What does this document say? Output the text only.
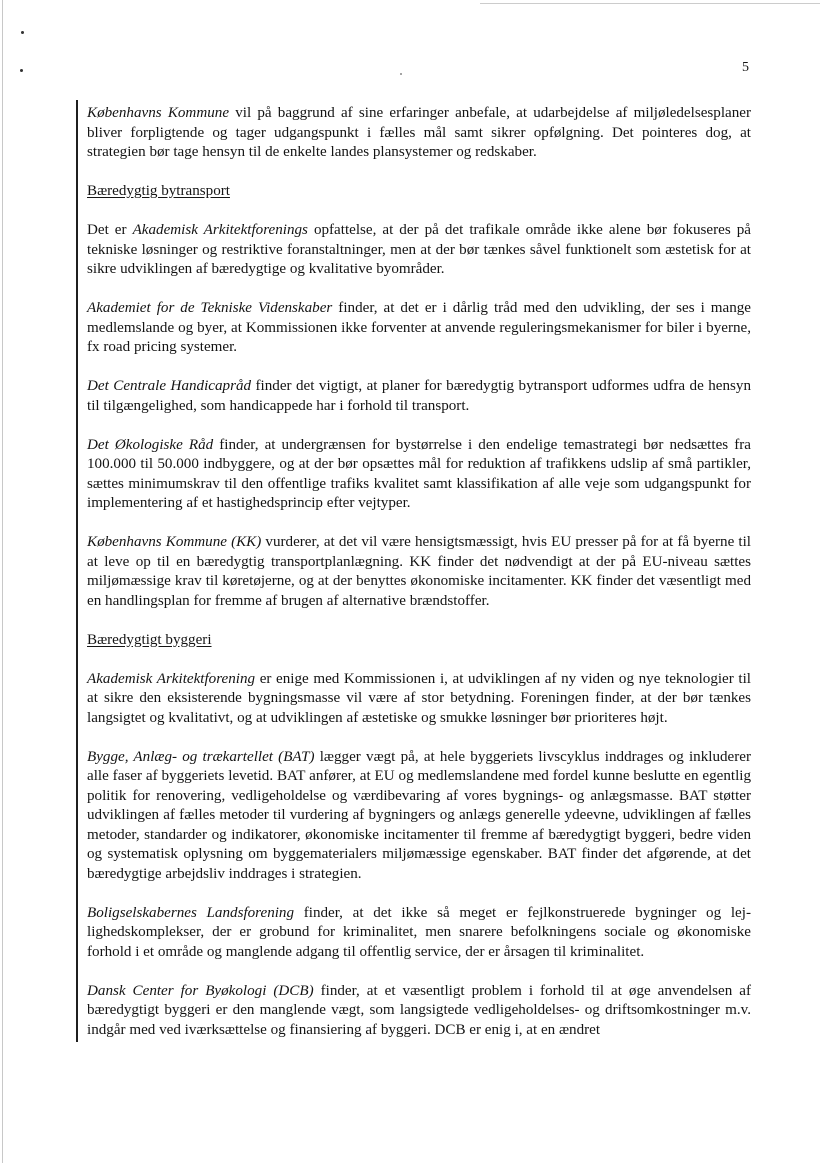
5

Københavns Kommune vil på baggrund af sine erfaringer anbefale, at udarbejdelse af miljøledelsesplaner bliver forpligtende og tager udgangspunkt i fælles mål samt sikrer opfølgning. Det pointeres dog, at strategien bør tage hensyn til de enkelte landes plansystemer og redskaber.

Bæredygtig bytransport

Det er Akademisk Arkitektforenings opfattelse, at der på det trafikale område ikke alene bør fokuseres på tekniske løsninger og restriktive foranstaltninger, men at der bør tænkes såvel funktionelt som æstetisk for at sikre udviklingen af bæredygtige og kvalitative byområder.

Akademiet for de Tekniske Videnskaber finder, at det er i dårlig tråd med den udvikling, der ses i mange medlemslande og byer, at Kommissionen ikke forventer at anvende reguleringsmekanismer for biler i byerne, fx road pricing systemer.

Det Centrale Handicapråd finder det vigtigt, at planer for bæredygtig bytransport udformes udfra de hensyn til tilgængelighed, som handicappede har i forhold til transport.

Det Økologiske Råd finder, at undergrænsen for bystørrelse i den endelige temastrategi bør nedsættes fra 100.000 til 50.000 indbyggere, og at der bør opsættes mål for reduktion af trafikkens udslip af små partikler, sættes minimumskrav til den offentlige trafiks kvalitet samt klassifikation af alle veje som udgangspunkt for implementering af et hastighedsprincip efter vejtyper.

Københavns Kommune (KK) vurderer, at det vil være hensigtsmæssigt, hvis EU presser på for at få byerne til at leve op til en bæredygtig transportplanlægning. KK finder det nødvendigt at der på EU-niveau sættes miljømæssige krav til køretøjerne, og at der benyttes økonomiske incitamenter. KK finder det væsentligt med en handlingsplan for fremme af brugen af alternative brændstoffer.

Bæredygtigt byggeri

Akademisk Arkitektforening er enige med Kommissionen i, at udviklingen af ny viden og nye teknologier til at sikre den eksisterende bygningsmasse vil være af stor betydning. Foreningen finder, at der bør tænkes langsigtet og kvalitativt, og at udviklingen af æstetiske og smukke løsninger bør prioriteres højt.

Bygge, Anlæg- og trækartellet (BAT) lægger vægt på, at hele byggeriets livscyklus inddrages og inkluderer alle faser af byggeriets levetid. BAT anfører, at EU og medlemslandene med fordel kunne beslutte en egentlig politik for renovering, vedligeholdelse og værdibevaring af vores bygnings- og anlægsmasse. BAT støtter udviklingen af fælles metoder til vurdering af bygningers og anlægs generelle ydeevne, udviklingen af fælles metoder, standarder og indikatorer, økonomiske incitamenter til fremme af bæredygtigt byggeri, bedre viden og systematisk oplysning om byggematerialers miljømæssige egenskaber. BAT finder det afgørende, at det bæredygtige arbejdsliv inddrages i strategien.

Boligselskabernes Landsforening finder, at det ikke så meget er fejlkonstruerede bygninger og lejlighedskomplekser, der er grobund for kriminalitet, men snarere befolkningens sociale og økonomiske forhold i et område og manglende adgang til offentlig service, der er årsagen til kriminalitet.

Dansk Center for Byøkologi (DCB) finder, at et væsentligt problem i forhold til at øge anvendelsen af bæredygtigt byggeri er den manglende vægt, som langsigtede vedligeholdelses- og driftsomkostninger m.v. indgår med ved iværksættelse og finansiering af byggeri. DCB er enig i, at en ændret
